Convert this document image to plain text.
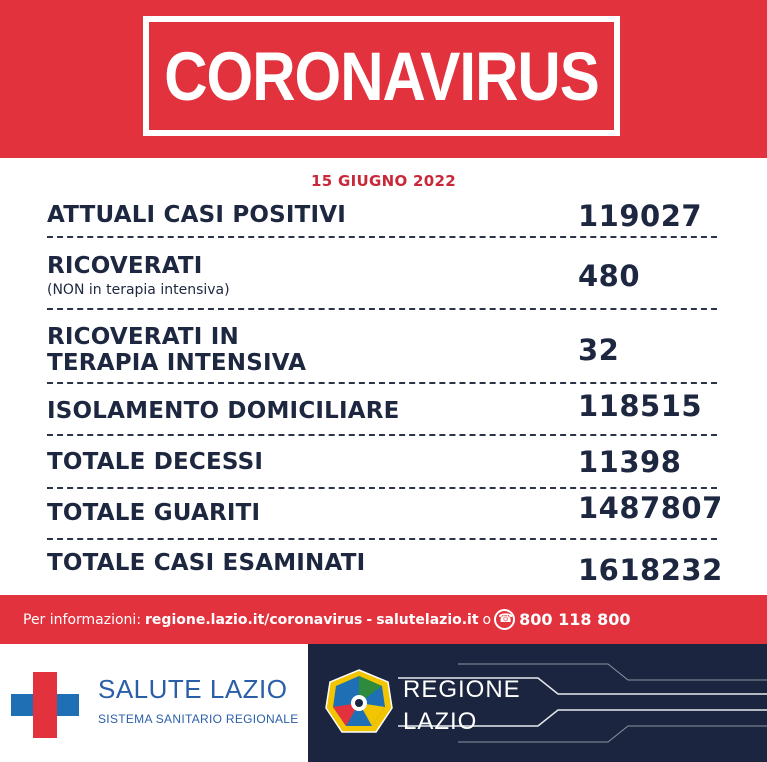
CORONAVIRUS
15 GIUGNO 2022
ATTUALI CASI POSITIVI	119027
RICOVERATI
(NON in terapia intensiva)	480
RICOVERATI IN
TERAPIA INTENSIVA	32
ISOLAMENTO DOMICILIARE	118515
TOTALE DECESSI	11398
TOTALE GUARITI	1487807
TOTALE CASI ESAMINATI	1618232
Per informazioni: regione.lazio.it/coronavirus - salutelazio.it o ☎ 800 118 800
SALUTE LAZIO
SISTEMA SANITARIO REGIONALE
REGIONE
LAZIO
